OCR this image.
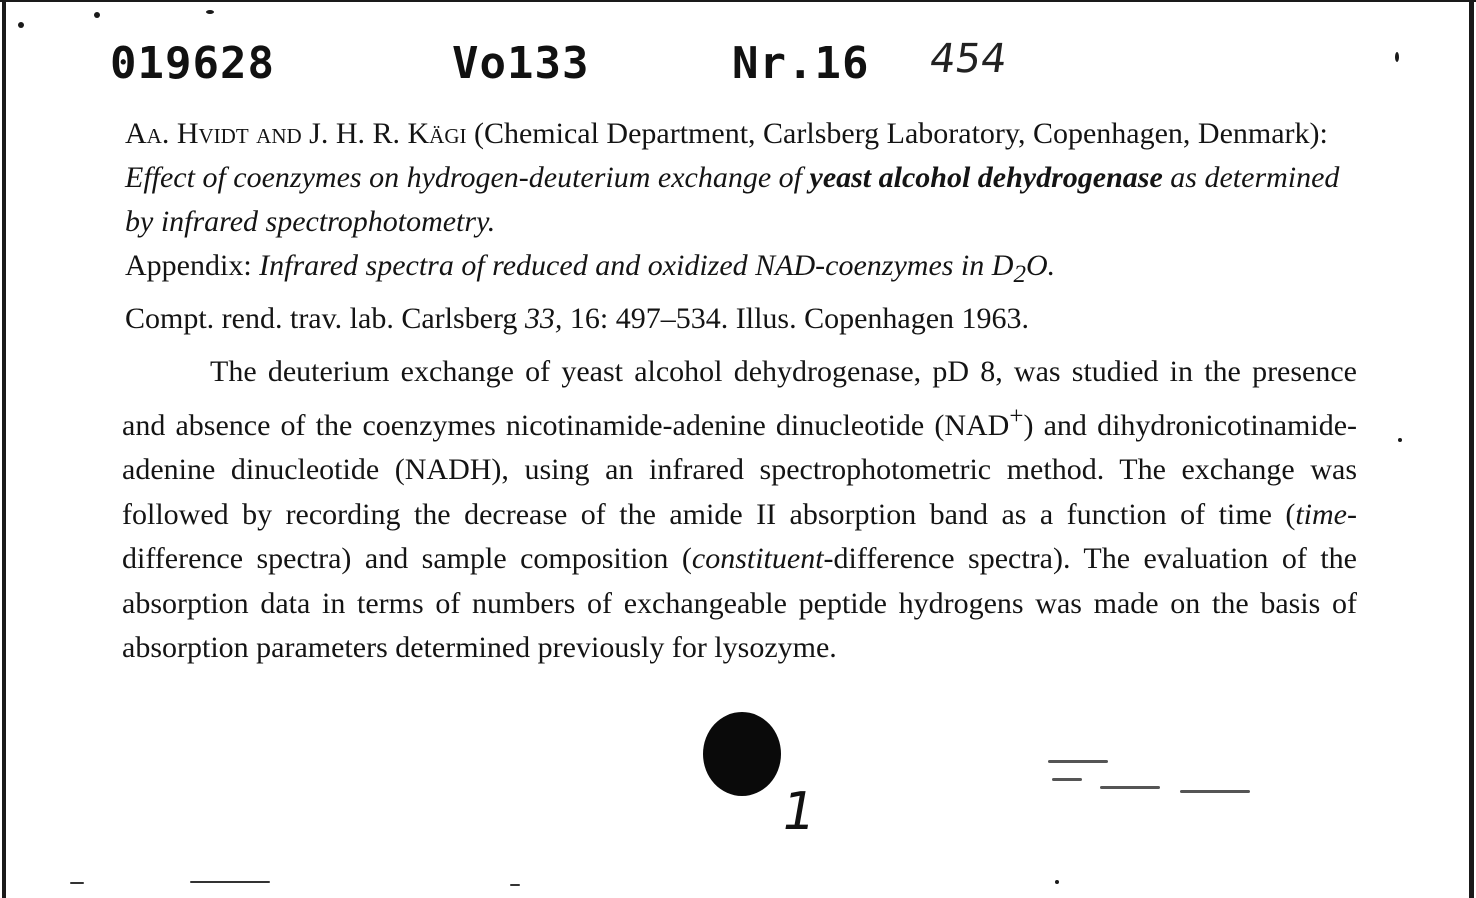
019628	Vo133	Nr.16 454
Aa. Hvidt and J. H. R. Kägi (Chemical Department, Carlsberg Laboratory, Copenhagen, Denmark): Effect of coenzymes on hydrogen-deuterium exchange of yeast alcohol dehydrogenase as determined by infrared spectrophotometry.
Appendix: Infrared spectra of reduced and oxidized NAD-coenzymes in $D_2O$.
Compt. rend. trav. lab. Carlsberg 33, 16: 497–534. Illus. Copenhagen 1963.
The deuterium exchange of yeast alcohol dehydrogenase, pD 8, was studied in the presence and absence of the coenzymes nicotinamide-adenine dinucleotide (NAD+) and dihydronicotinamide-adenine dinucleotide (NADH), using an infrared spectrophotometric method. The exchange was followed by recording the decrease of the amide II absorption band as a function of time (time-difference spectra) and sample composition (constituent-difference spectra). The evaluation of the absorption data in terms of numbers of exchangeable peptide hydrogens was made on the basis of absorption parameters determined previously for lysozyme.
1
